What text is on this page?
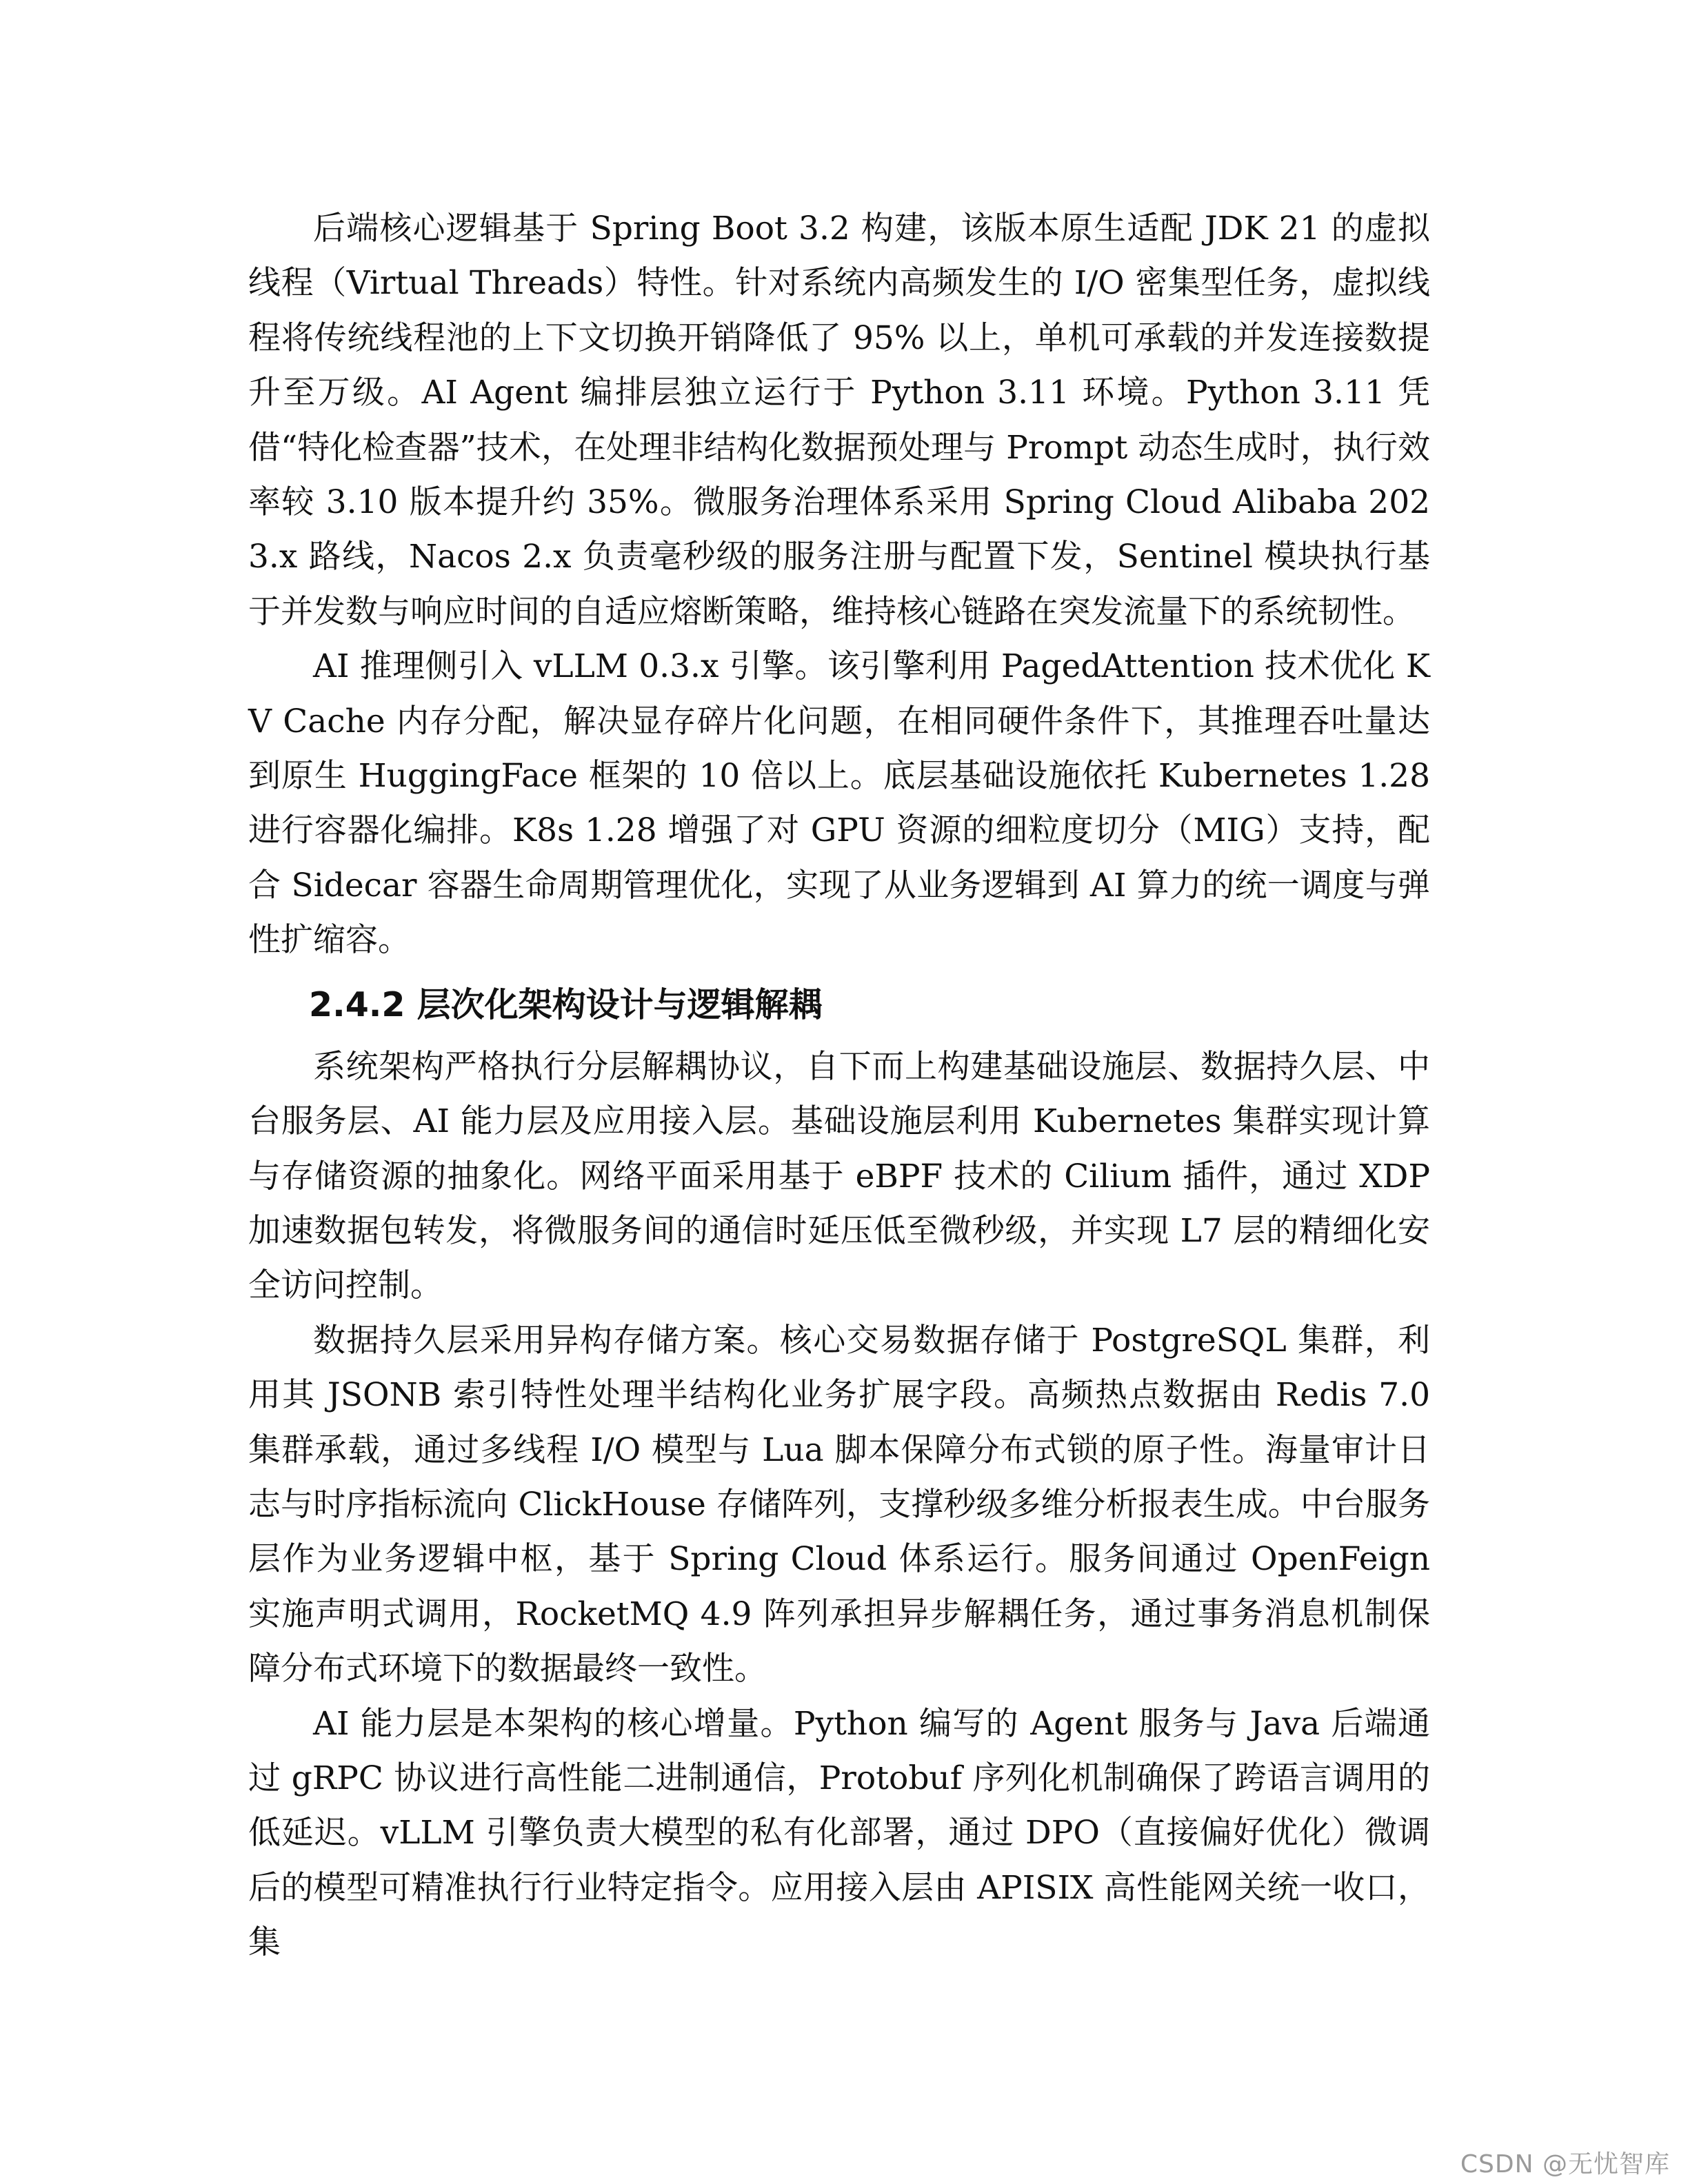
后端核心逻辑基于 Spring Boot 3.2 构建，该版本原生适配 JDK 21 的虚拟线程（Virtual Threads）特性。针对系统内高频发生的 I/O 密集型任务，虚拟线程将传统线程池的上下文切换开销降低了 95% 以上，单机可承载的并发连接数提升至万级。AI Agent 编排层独立运行于 Python 3.11 环境。Python 3.11 凭借“特化检查器”技术，在处理非结构化数据预处理与 Prompt 动态生成时，执行效率较 3.10 版本提升约 35%。微服务治理体系采用 Spring Cloud Alibaba 2023.x 路线，Nacos 2.x 负责毫秒级的服务注册与配置下发，Sentinel 模块执行基于并发数与响应时间的自适应熔断策略，维持核心链路在突发流量下的系统韧性。

AI 推理侧引入 vLLM 0.3.x 引擎。该引擎利用 PagedAttention 技术优化 KV Cache 内存分配，解决显存碎片化问题，在相同硬件条件下，其推理吞吐量达到原生 HuggingFace 框架的 10 倍以上。底层基础设施依托 Kubernetes 1.28 进行容器化编排。K8s 1.28 增强了对 GPU 资源的细粒度切分（MIG）支持，配合 Sidecar 容器生命周期管理优化，实现了从业务逻辑到 AI 算力的统一调度与弹性扩缩容。

2.4.2 层次化架构设计与逻辑解耦

系统架构严格执行分层解耦协议，自下而上构建基础设施层、数据持久层、中台服务层、AI 能力层及应用接入层。基础设施层利用 Kubernetes 集群实现计算与存储资源的抽象化。网络平面采用基于 eBPF 技术的 Cilium 插件，通过 XDP 加速数据包转发，将微服务间的通信时延压低至微秒级，并实现 L7 层的精细化安全访问控制。

数据持久层采用异构存储方案。核心交易数据存储于 PostgreSQL 集群，利用其 JSONB 索引特性处理半结构化业务扩展字段。高频热点数据由 Redis 7.0 集群承载，通过多线程 I/O 模型与 Lua 脚本保障分布式锁的原子性。海量审计日志与时序指标流向 ClickHouse 存储阵列，支撑秒级多维分析报表生成。中台服务层作为业务逻辑中枢，基于 Spring Cloud 体系运行。服务间通过 OpenFeign 实施声明式调用，RocketMQ 4.9 阵列承担异步解耦任务，通过事务消息机制保障分布式环境下的数据最终一致性。

AI 能力层是本架构的核心增量。Python 编写的 Agent 服务与 Java 后端通过 gRPC 协议进行高性能二进制通信，Protobuf 序列化机制确保了跨语言调用的低延迟。vLLM 引擎负责大模型的私有化部署，通过 DPO（直接偏好优化）微调后的模型可精准执行行业特定指令。应用接入层由 APISIX 高性能网关统一收口，集

CSDN @无忧智库
